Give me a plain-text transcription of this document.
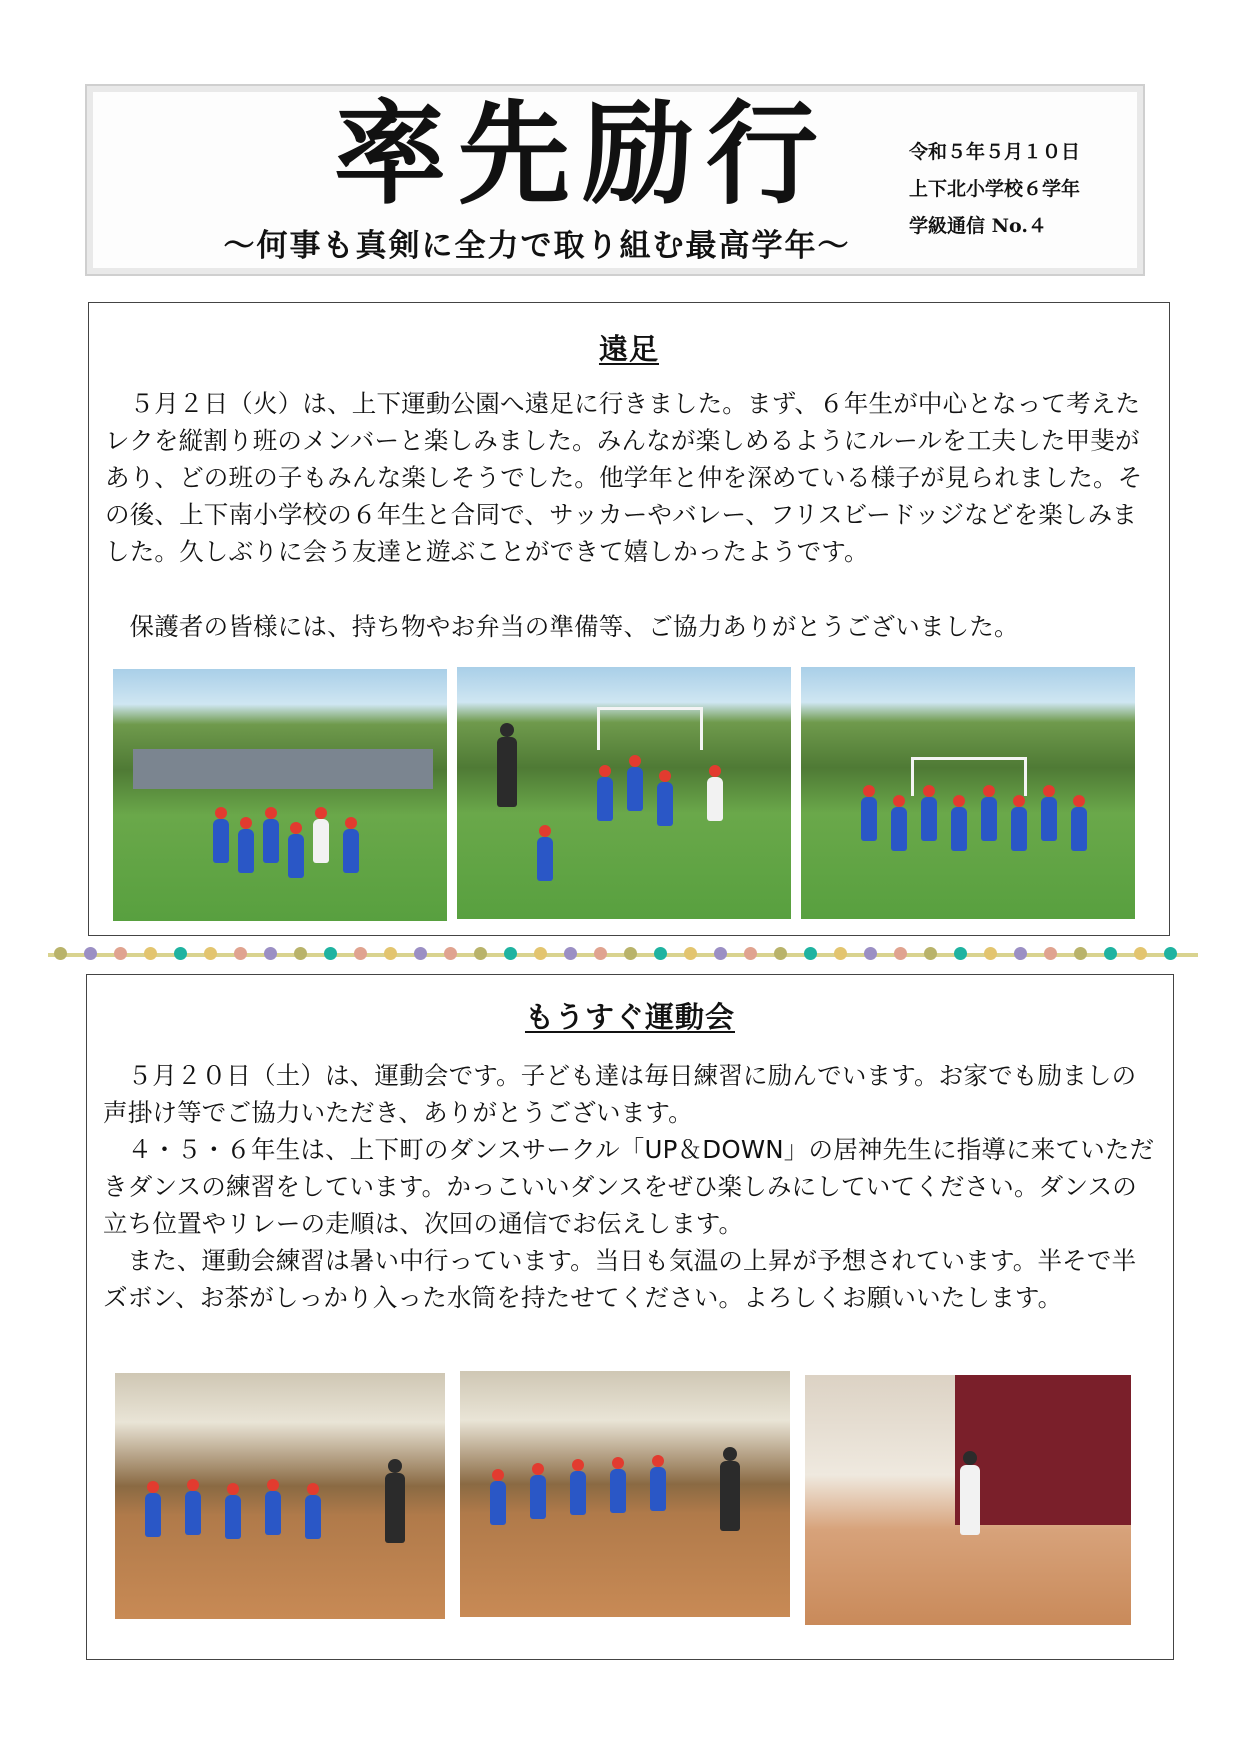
率先励行
〜何事も真剣に全力で取り組む最高学年〜
令和５年５月１０日
上下北小学校６学年
学級通信 No.４
遠足

５月２日（火）は、上下運動公園へ遠足に行きました。まず、６年生が中心となって考えたレクを縦割り班のメンバーと楽しみました。みんなが楽しめるようにルールを工夫した甲斐があり、どの班の子もみんな楽しそうでした。他学年と仲を深めている様子が見られました。その後、上下南小学校の６年生と合同で、サッカーやバレー、フリスビードッジなどを楽しみました。久しぶりに会う友達と遊ぶことができて嬉しかったようです。

保護者の皆様には、持ち物やお弁当の準備等、ご協力ありがとうございました。

もうすぐ運動会

５月２０日（土）は、運動会です。子ども達は毎日練習に励んでいます。お家でも励ましの声掛け等でご協力いただき、ありがとうございます。

４・５・６年生は、上下町のダンスサークル「UP＆DOWN」の居神先生に指導に来ていただきダンスの練習をしています。かっこいいダンスをぜひ楽しみにしていてください。ダンスの立ち位置やリレーの走順は、次回の通信でお伝えします。

また、運動会練習は暑い中行っています。当日も気温の上昇が予想されています。半そで半ズボン、お茶がしっかり入った水筒を持たせてください。よろしくお願いいたします。
